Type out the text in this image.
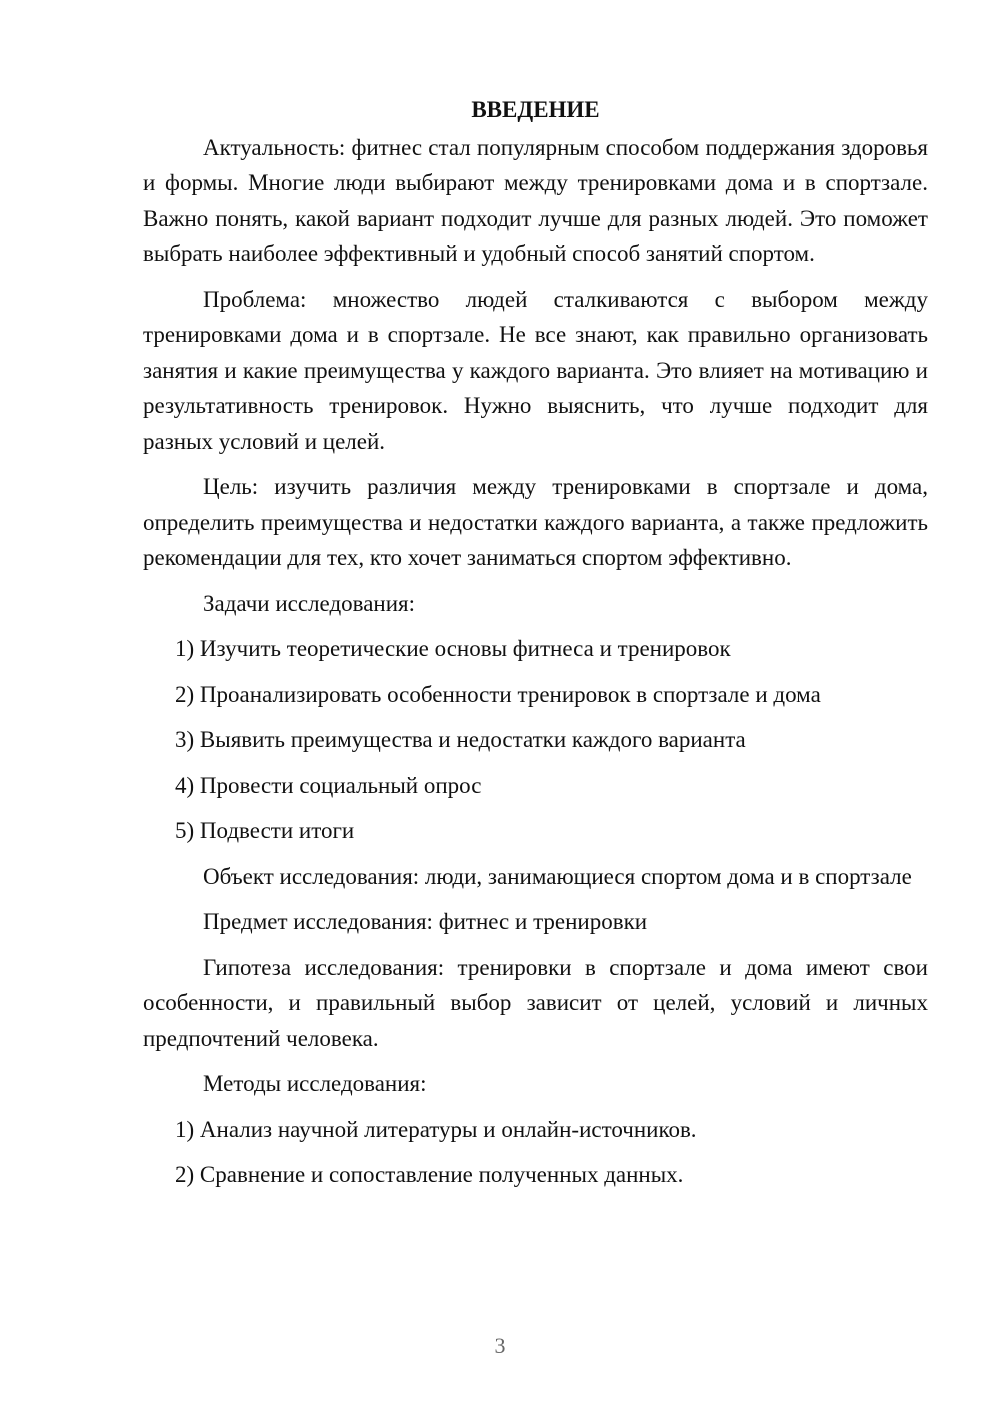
ВВЕДЕНИЕ

Актуальность: фитнес стал популярным способом поддержания здоровья и формы. Многие люди выбирают между тренировками дома и в спортзале. Важно понять, какой вариант подходит лучше для разных людей. Это поможет выбрать наиболее эффективный и удобный способ занятий спортом.

Проблема: множество людей сталкиваются с выбором между тренировками дома и в спортзале. Не все знают, как правильно организовать занятия и какие преимущества у каждого варианта. Это влияет на мотивацию и результативность тренировок. Нужно выяснить, что лучше подходит для разных условий и целей.

Цель: изучить различия между тренировками в спортзале и дома, определить преимущества и недостатки каждого варианта, а также предложить рекомендации для тех, кто хочет заниматься спортом эффективно.

Задачи исследования:

1) Изучить теоретические основы фитнеса и тренировок

2) Проанализировать особенности тренировок в спортзале и дома

3) Выявить преимущества и недостатки каждого варианта

4) Провести социальный опрос

5) Подвести итоги

Объект исследования: люди, занимающиеся спортом дома и в спортзале

Предмет исследования: фитнес и тренировки

Гипотеза исследования: тренировки в спортзале и дома имеют свои особенности, и правильный выбор зависит от целей, условий и личных предпочтений человека.

Методы исследования:

1) Анализ научной литературы и онлайн-источников.

2) Сравнение и сопоставление полученных данных.

3
